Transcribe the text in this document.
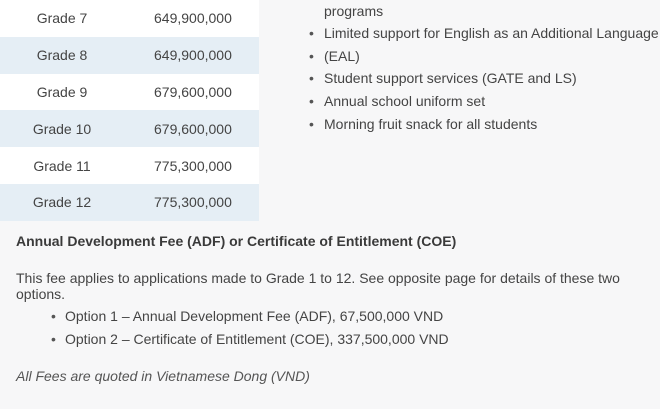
Grade 7	649,900,000
Grade 8	649,900,000
Grade 9	679,600,000
Grade 10	679,600,000
Grade 11	775,300,000
Grade 12	775,300,000
programs
• Limited support for English as an Additional Language
• (EAL)
• Student support services (GATE and LS)
• Annual school uniform set
• Morning fruit snack for all students

Annual Development Fee (ADF) or Certificate of Entitlement (COE)

This fee applies to applications made to Grade 1 to 12. See opposite page for details of these two options.

• Option 1 – Annual Development Fee (ADF), 67,500,000 VND
• Option 2 – Certificate of Entitlement (COE), 337,500,000 VND

All Fees are quoted in Vietnamese Dong (VND)
